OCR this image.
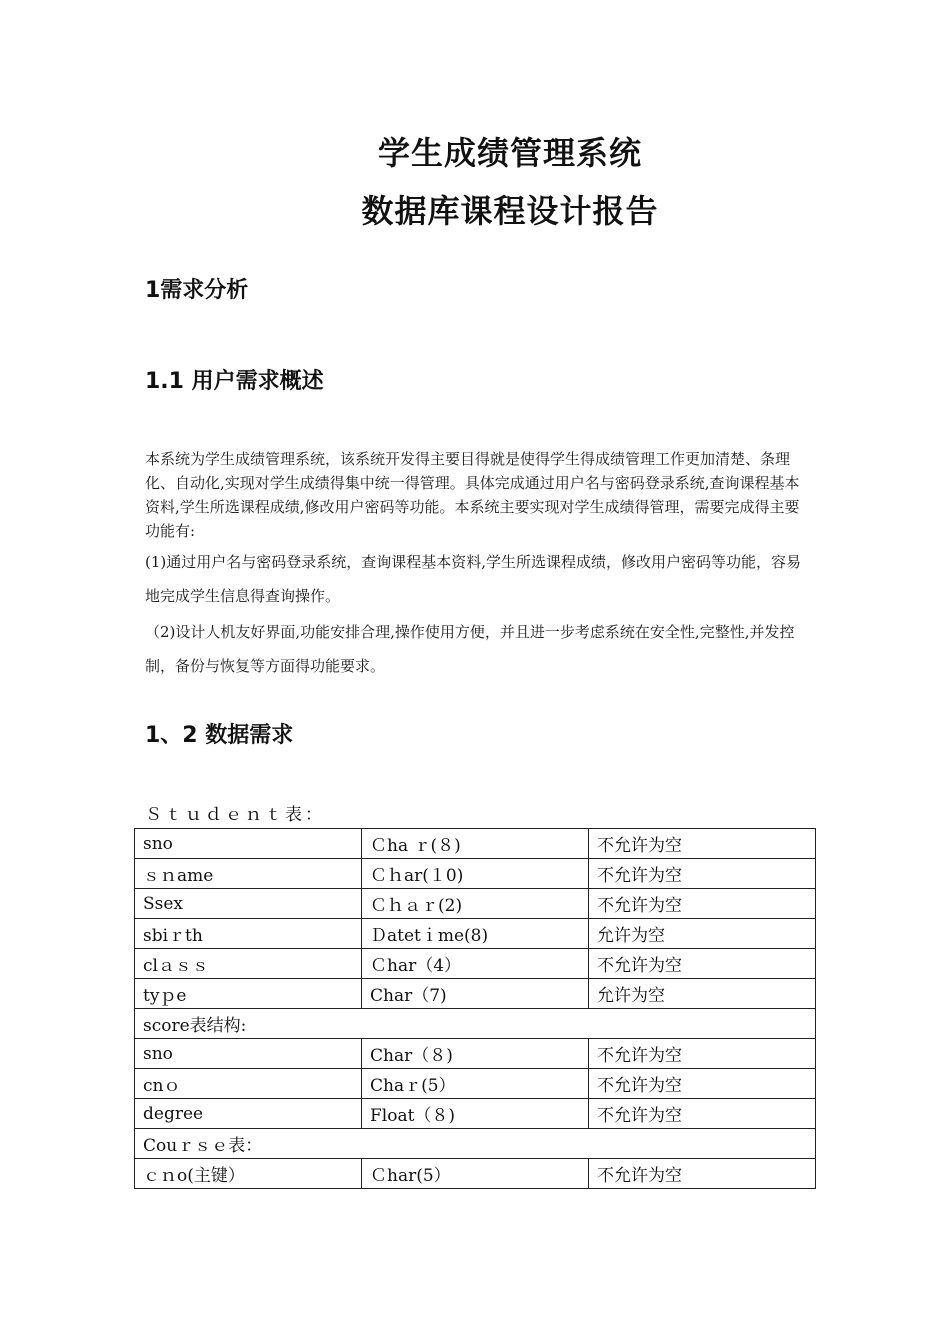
学生成绩管理系统
数据库课程设计报告
1需求分析
1.1 用户需求概述
本系统为学生成绩管理系统，该系统开发得主要目得就是使得学生得成绩管理工作更加清楚、条理化、自动化,实现对学生成绩得集中统一得管理。具体完成通过用户名与密码登录系统,查询课程基本资料,学生所选课程成绩,修改用户密码等功能。本系统主要实现对学生成绩得管理，需要完成得主要功能有:
(1)通过用户名与密码登录系统，查询课程基本资料,学生所选课程成绩，修改用户密码等功能，容易地完成学生信息得查询操作。
（2)设计人机友好界面,功能安排合理,操作使用方便，并且进一步考虑系统在安全性,完整性,并发控制，备份与恢复等方面得功能要求。
1、2 数据需求
Ｓｔｕｄｅｎｔ表：
sno	Ｃha ｒ(８)	不允许为空
ｓｎame	Ｃｈar(１0)	不允许为空
Ssex	Ｃｈａｒ(2)	不允许为空
sbiｒth	Ｄatetｉme(8)	允许为空
clａｓｓ	Ｃhar（4）	不允许为空
tyｐe	Char（7)	允许为空
score表结构:		
sno	Char（８)	不允许为空
cnｏ	Chaｒ(5）	不允许为空
degree	Float（８)	不允许为空
Couｒｓｅ表：		
ｃｎo(主键）	Ｃhar(5）	不允许为空
